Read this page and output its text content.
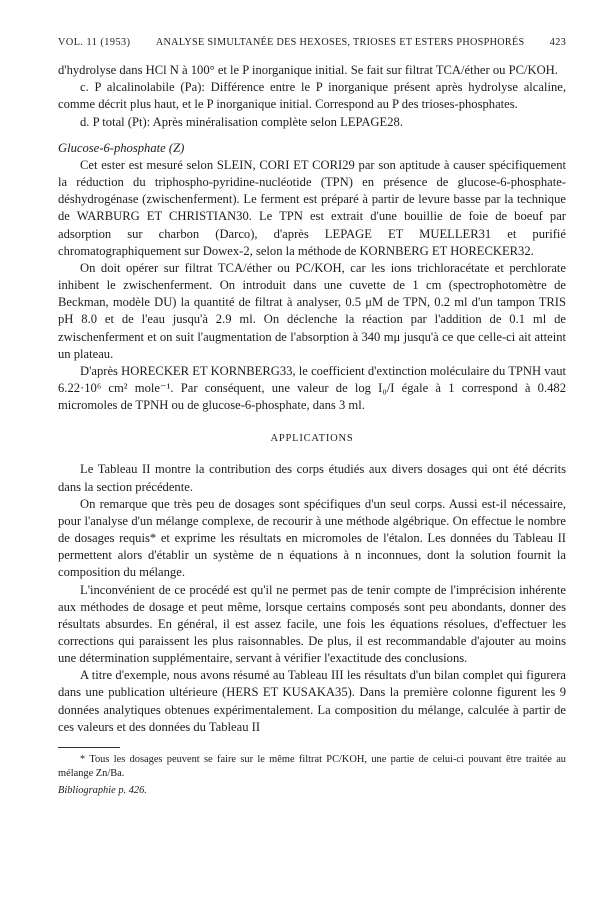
VOL. 11 (1953) ANALYSE SIMULTANÉE DES HEXOSES, TRIOSES ET ESTERS PHOSPHORÉS 423

d'hydrolyse dans HCl N à 100° et le P inorganique initial. Se fait sur filtrat TCA/éther ou PC/KOH.

c. P alcalinolabile (Pa): Différence entre le P inorganique présent après hydrolyse alcaline, comme décrit plus haut, et le P inorganique initial. Correspond au P des trioses-phosphates.

d. P total (Pt): Après minéralisation complète selon LEPAGE28.

Glucose-6-phosphate (Z)

Cet ester est mesuré selon SLEIN, CORI ET CORI29 par son aptitude à causer spécifiquement la réduction du triphospho-pyridine-nucléotide (TPN) en présence de glucose-6-phosphate-déshydrogénase (zwischenferment). Le ferment est préparé à partir de levure basse par la technique de WARBURG ET CHRISTIAN30. Le TPN est extrait d'une bouillie de foie de boeuf par adsorption sur charbon (Darco), d'après LEPAGE ET MUELLER31 et purifié chromatographiquement sur Dowex-2, selon la méthode de KORNBERG ET HORECKER32.

On doit opérer sur filtrat TCA/éther ou PC/KOH, car les ions trichloracétate et perchlorate inhibent le zwischenferment. On introduit dans une cuvette de 1 cm (spectrophotomètre de Beckman, modèle DU) la quantité de filtrat à analyser, 0.5 μM de TPN, 0.2 ml d'un tampon TRIS pH 8.0 et de l'eau jusqu'à 2.9 ml. On déclenche la réaction par l'addition de 0.1 ml de zwischenferment et on suit l'augmentation de l'absorption à 340 mμ jusqu'à ce que celle-ci ait atteint un plateau.

D'après HORECKER ET KORNBERG33, le coefficient d'extinction moléculaire du TPNH vaut 6.22·10⁶ cm² mole⁻¹. Par conséquent, une valeur de log I₀/I égale à 1 correspond à 0.482 micromoles de TPNH ou de glucose-6-phosphate, dans 3 ml.

APPLICATIONS

Le Tableau II montre la contribution des corps étudiés aux divers dosages qui ont été décrits dans la section précédente.

On remarque que très peu de dosages sont spécifiques d'un seul corps. Aussi est-il nécessaire, pour l'analyse d'un mélange complexe, de recourir à une méthode algébrique. On effectue le nombre de dosages requis* et exprime les résultats en micromoles de l'étalon. Les données du Tableau II permettent alors d'établir un système de n équations à n inconnues, dont la solution fournit la composition du mélange.

L'inconvénient de ce procédé est qu'il ne permet pas de tenir compte de l'imprécision inhérente aux méthodes de dosage et peut même, lorsque certains composés sont peu abondants, donner des résultats absurdes. En général, il est assez facile, une fois les équations résolues, d'effectuer les corrections qui paraissent les plus raisonnables. De plus, il est recommandable d'ajouter au moins une détermination supplémentaire, servant à vérifier l'exactitude des conclusions.

A titre d'exemple, nous avons résumé au Tableau III les résultats d'un bilan complet qui figurera dans une publication ultérieure (HERS ET KUSAKA35). Dans la première colonne figurent les 9 données analytiques obtenues expérimentalement. La composition du mélange, calculée à partir de ces valeurs et des données du Tableau II

* Tous les dosages peuvent se faire sur le même filtrat PC/KOH, une partie de celui-ci pouvant être traitée au mélange Zn/Ba.

Bibliographie p. 426.
